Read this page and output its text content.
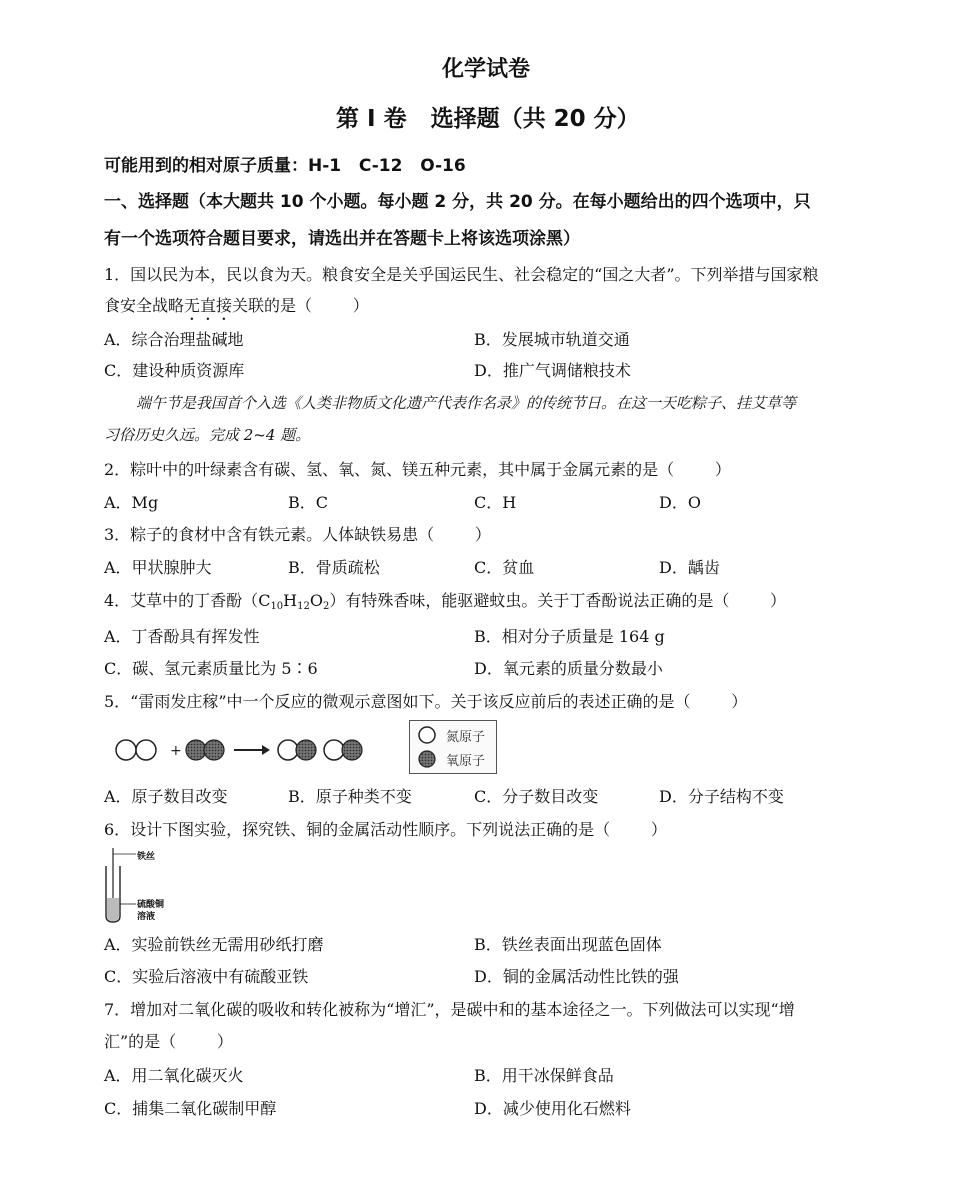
化学试卷
第 I 卷   选择题（共 20 分）
可能用到的相对原子质量：H-1   C-12   O-16
一、选择题（本大题共 10 个小题。每小题 2 分，共 20 分。在每小题给出的四个选项中，只
有一个选项符合题目要求，请选出并在答题卡上将该选项涂黑）
1．国以民为本，民以食为天。粮食安全是关乎国运民生、社会稳定的“国之大者”。下列举措与国家粮
食安全战略无直接关联的是（        ）
A．综合治理盐碱地	B．发展城市轨道交通
C．建设种质资源库	D．推广气调储粮技术
端午节是我国首个入选《人类非物质文化遗产代表作名录》的传统节日。在这一天吃粽子、挂艾草等
习俗历史久远。完成 2~4 题。
2．粽叶中的叶绿素含有碳、氢、氧、氮、镁五种元素，其中属于金属元素的是（        ）
A．Mg	B．C	C．H	D．O
3．粽子的食材中含有铁元素。人体缺铁易患（        ）
A．甲状腺肿大	B．骨质疏松	C．贫血	D．龋齿
4．艾草中的丁香酚（C10H12O2）有特殊香味，能驱避蚊虫。关于丁香酚说法正确的是（        ）
A．丁香酚具有挥发性	B．相对分子质量是 164 g
C．碳、氢元素质量比为 5∶6	D．氧元素的质量分数最小
5．“雷雨发庄稼”中一个反应的微观示意图如下。关于该反应前后的表述正确的是（        ）
+
氮原子
氧原子
A．原子数目改变	B．原子种类不变	C．分子数目改变	D．分子结构不变
6．设计下图实验，探究铁、铜的金属活动性顺序。下列说法正确的是（        ）
铁丝
硫酸铜
溶液
A．实验前铁丝无需用砂纸打磨	B．铁丝表面出现蓝色固体
C．实验后溶液中有硫酸亚铁	D．铜的金属活动性比铁的强
7．增加对二氧化碳的吸收和转化被称为“增汇”，是碳中和的基本途径之一。下列做法可以实现“增
汇”的是（        ）
A．用二氧化碳灭火	B．用干冰保鲜食品
C．捕集二氧化碳制甲醇	D．减少使用化石燃料
